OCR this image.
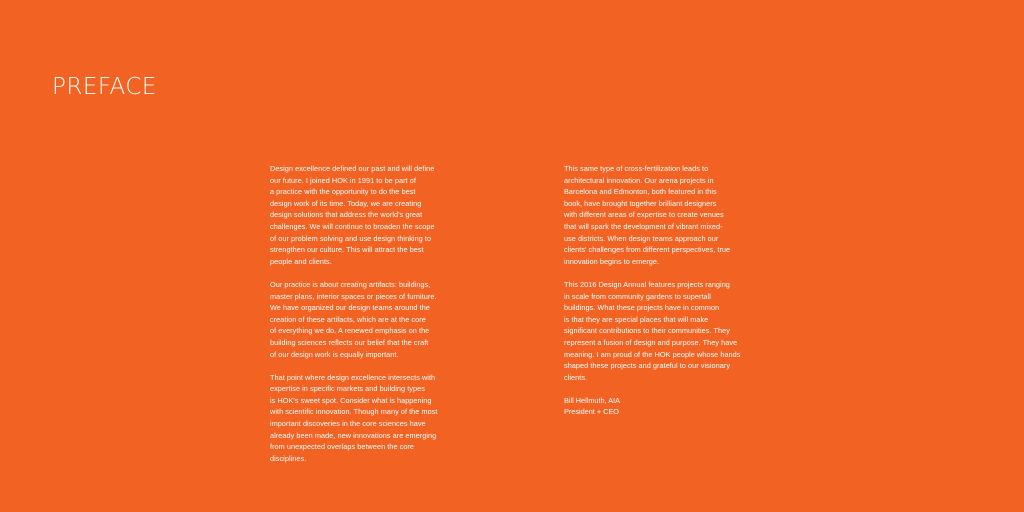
PREFACE

Design excellence defined our past and will define
our future. I joined HOK in 1991 to be part of
a practice with the opportunity to do the best
design work of its time. Today, we are creating
design solutions that address the world's great
challenges. We will continue to broaden the scope
of our problem solving and use design thinking to
strengthen our culture. This will attract the best
people and clients.

Our practice is about creating artifacts: buildings,
master plans, interior spaces or pieces of furniture.
We have organized our design teams around the
creation of these artifacts, which are at the core
of everything we do. A renewed emphasis on the
building sciences reflects our belief that the craft
of our design work is equally important.

That point where design excellence intersects with
expertise in specific markets and building types
is HOK's sweet spot. Consider what is happening
with scientific innovation. Though many of the most
important discoveries in the core sciences have
already been made, new innovations are emerging
from unexpected overlaps between the core
disciplines.

This same type of cross-fertilization leads to
architectural innovation. Our arena projects in
Barcelona and Edmonton, both featured in this
book, have brought together brilliant designers
with different areas of expertise to create venues
that will spark the development of vibrant mixed-
use districts. When design teams approach our
clients' challenges from different perspectives, true
innovation begins to emerge.

This 2016 Design Annual features projects ranging
in scale from community gardens to supertall
buildings. What these projects have in common
is that they are special places that will make
significant contributions to their communities. They
represent a fusion of design and purpose. They have
meaning. I am proud of the HOK people whose hands
shaped these projects and grateful to our visionary
clients.

Bill Hellmuth, AIA
President + CEO
